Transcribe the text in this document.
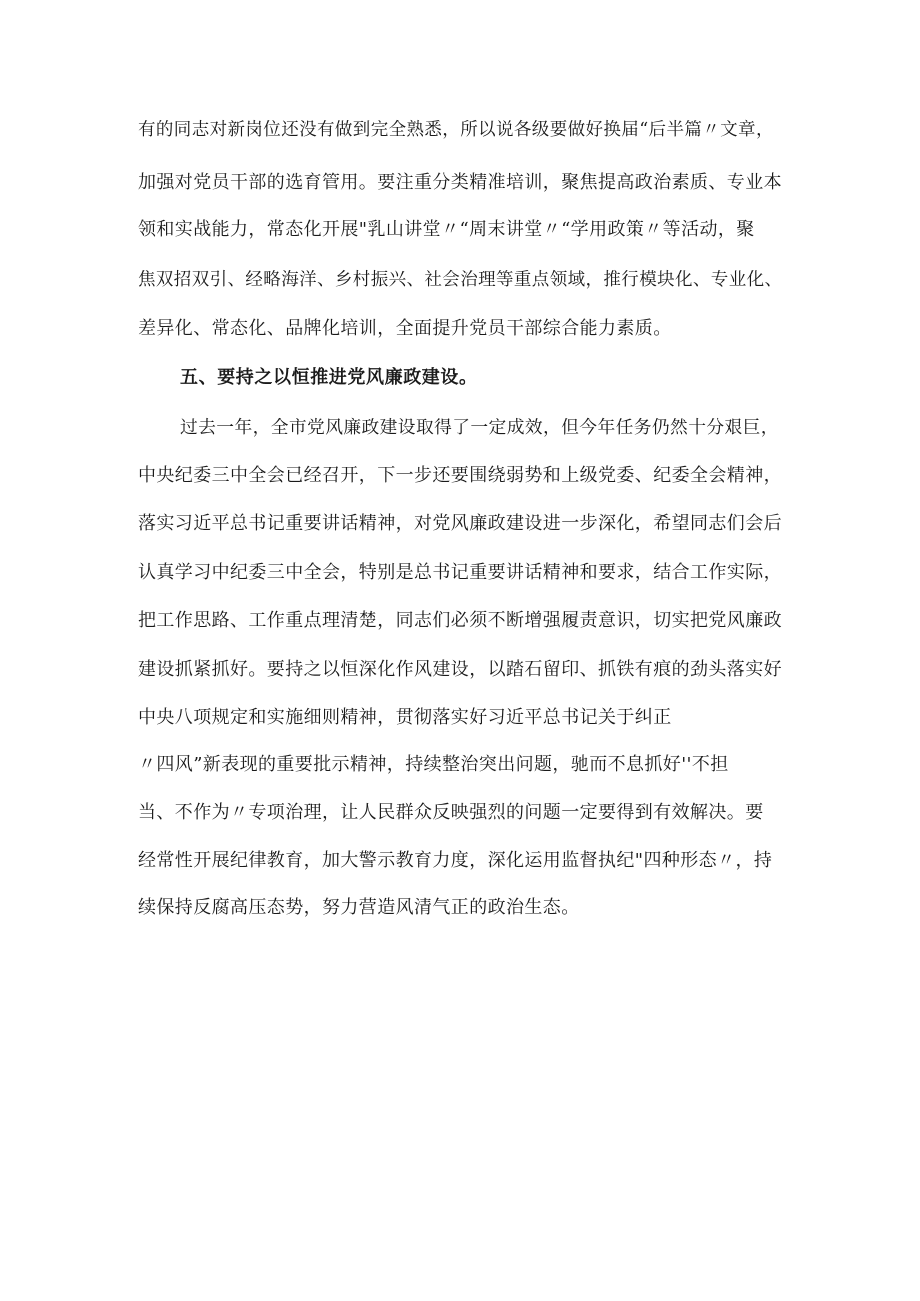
有的同志对新岗位还没有做到完全熟悉，所以说各级要做好换届“后半篇〃文章，
加强对党员干部的选育管用。要注重分类精准培训，聚焦提高政治素质、专业本
领和实战能力，常态化开展"乳山讲堂〃“周末讲堂〃“学用政策〃等活动，聚
焦双招双引、经略海洋、乡村振兴、社会治理等重点领域，推行模块化、专业化、
差异化、常态化、品牌化培训，全面提升党员干部综合能力素质。
五、要持之以恒推进党风廉政建设。
过去一年，全市党风廉政建设取得了一定成效，但今年任务仍然十分艰巨，
中央纪委三中全会已经召开，下一步还要围绕弱势和上级党委、纪委全会精神，
落实习近平总书记重要讲话精神，对党风廉政建设进一步深化，希望同志们会后
认真学习中纪委三中全会，特别是总书记重要讲话精神和要求，结合工作实际，
把工作思路、工作重点理清楚，同志们必须不断增强履责意识，切实把党风廉政
建设抓紧抓好。要持之以恒深化作风建设，以踏石留印、抓铁有痕的劲头落实好
中央八项规定和实施细则精神，贯彻落实好习近平总书记关于纠正
〃四风”新表现的重要批示精神，持续整治突出问题，驰而不息抓好''不担
当、不作为〃专项治理，让人民群众反映强烈的问题一定要得到有效解决。要
经常性开展纪律教育，加大警示教育力度，深化运用监督执纪"四种形态〃，持
续保持反腐高压态势，努力营造风清气正的政治生态。
